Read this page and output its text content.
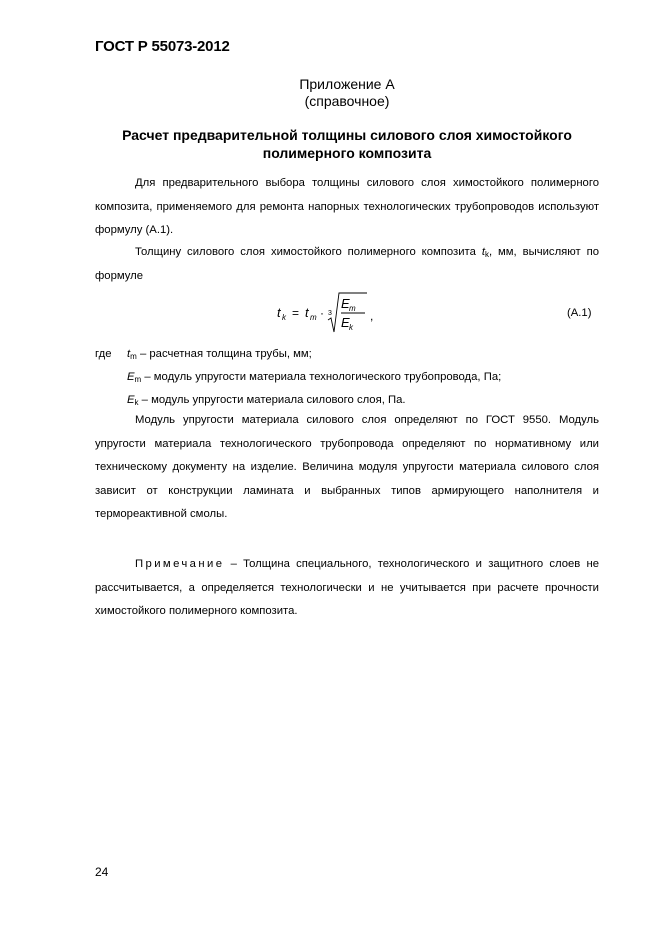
ГОСТ Р 55073-2012
Приложение А
(справочное)
Расчет предварительной толщины силового слоя химостойкого
полимерного композита

Для предварительного выбора толщины силового слоя химостойкого полимерного композита, применяемого для ремонта напорных технологических трубопроводов используют формулу (А.1).

Толщину силового слоя химостойкого полимерного композита $t_k$, мм, вычисляют по формуле

t k = t m · 3
E m
E k
,	(А.1)
где $t_m$ – расчетная толщина трубы, мм;
$E_m$ – модуль упругости материала технологического трубопровода, Па;
$E_k$ – модуль упругости материала силового слоя, Па.

Модуль упругости материала силового слоя определяют по ГОСТ 9550. Модуль упругости материала технологического трубопровода определяют по нормативному или техническому документу на изделие. Величина модуля упругости материала силового слоя зависит от конструкции ламината и выбранных типов армирующего наполнителя и термореактивной смолы.

Примечание – Толщина специального, технологического и защитного слоев не рассчитывается, а определяется технологически и не учитывается при расчете прочности химостойкого полимерного композита.

24
